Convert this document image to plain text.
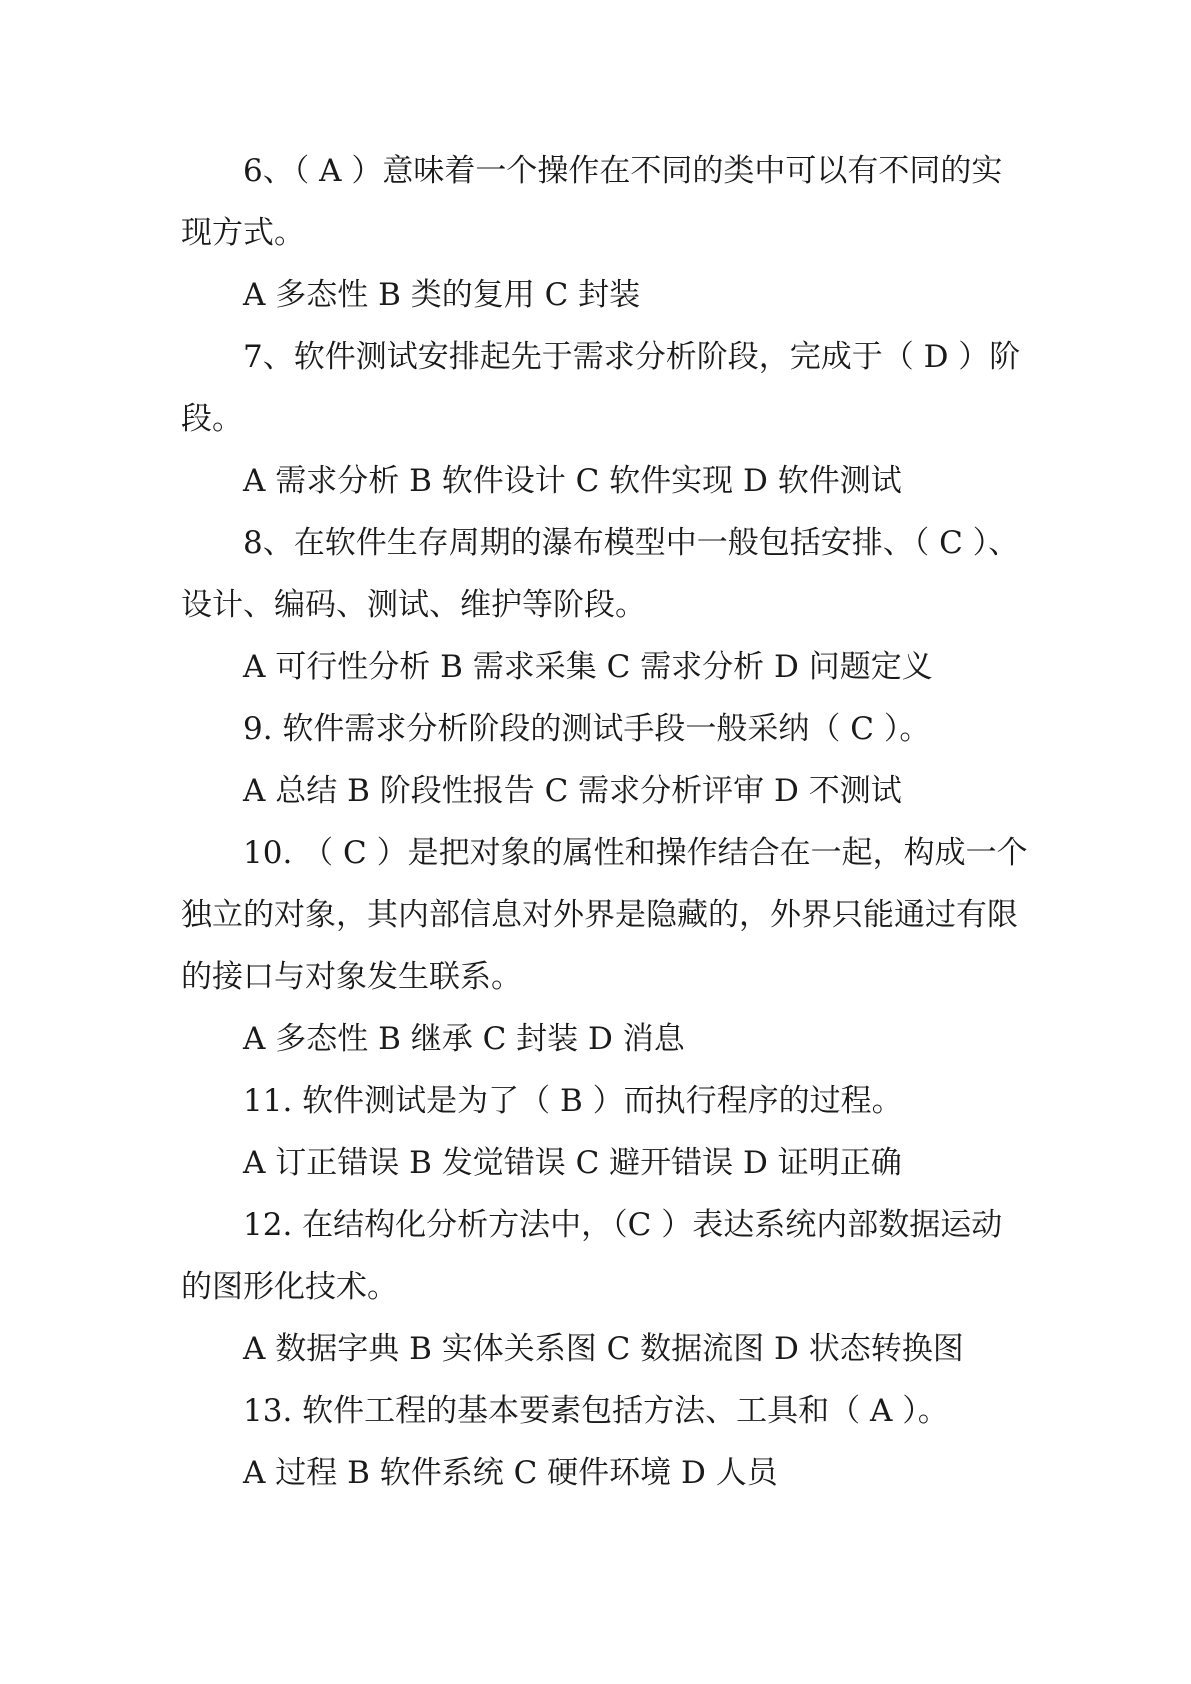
6、（ A ）意味着一个操作在不同的类中可以有不同的实现方式。

A 多态性 B 类的复用 C 封装

7、软件测试安排起先于需求分析阶段，完成于（ D ）阶段。

A 需求分析 B 软件设计 C 软件实现 D 软件测试

8、在软件生存周期的瀑布模型中一般包括安排、（ C ）、设计、编码、测试、维护等阶段。

A 可行性分析 B 需求采集 C 需求分析 D 问题定义

9. 软件需求分析阶段的测试手段一般采纳（ C ）。

A 总结 B 阶段性报告 C 需求分析评审 D 不测试

10. （ C ）是把对象的属性和操作结合在一起，构成一个独立的对象，其内部信息对外界是隐藏的，外界只能通过有限的接口与对象发生联系。

A 多态性 B 继承 C 封装 D 消息

11. 软件测试是为了（ B ）而执行程序的过程。

A 订正错误 B 发觉错误 C 避开错误 D 证明正确

12. 在结构化分析方法中，（C ）表达系统内部数据运动的图形化技术。

A 数据字典 B 实体关系图 C 数据流图 D 状态转换图

13. 软件工程的基本要素包括方法、工具和（ A ）。

A 过程 B 软件系统 C 硬件环境 D 人员
